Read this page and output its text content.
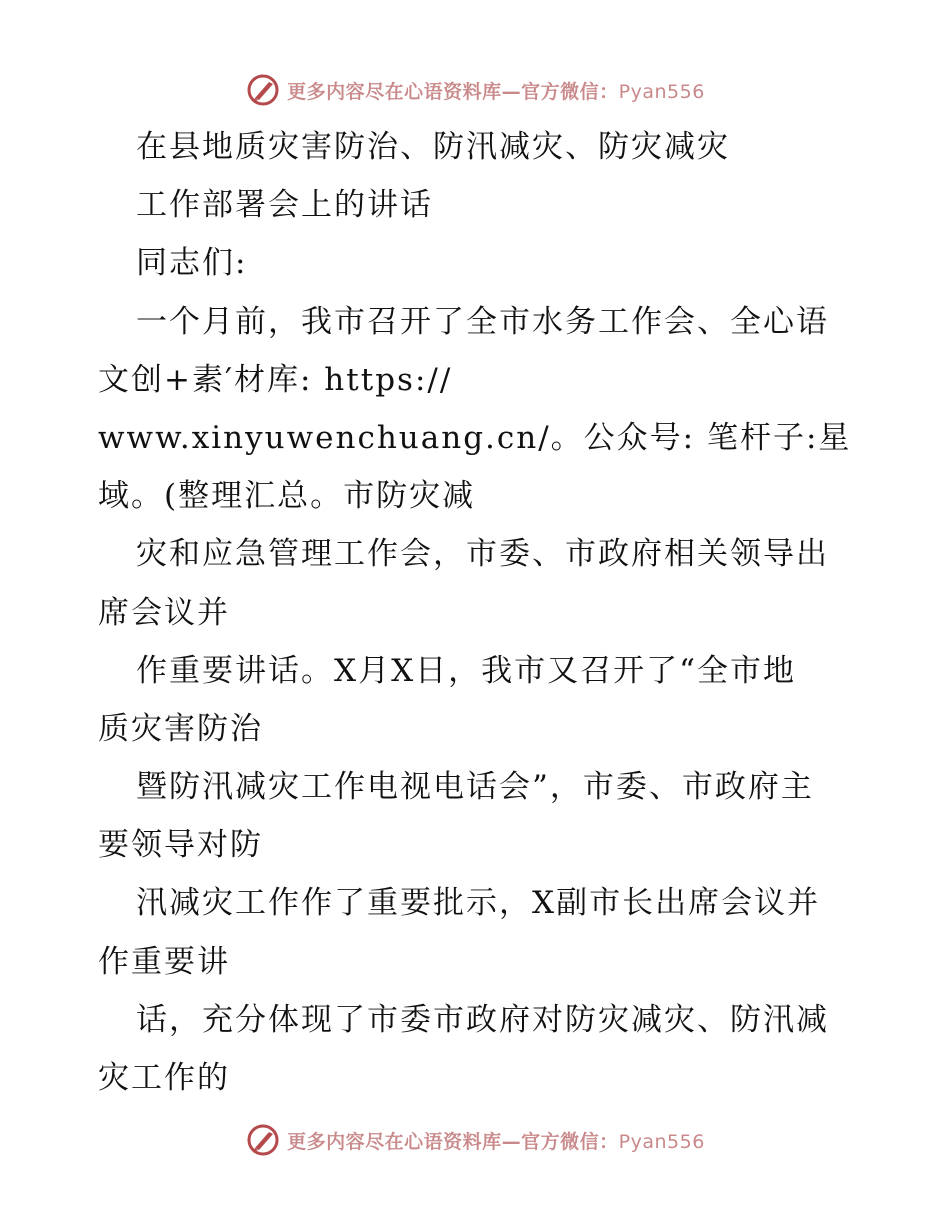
更多内容尽在心语资料库—官方微信：Pyan556
在县地质灾害防治、防汛减灾、防灾减灾
工作部署会上的讲话
同志们:
一个月前，我市召开了全市水务工作会、全心语
文创+素′材库: https://
www.xinyuwenchuang.cn/。公众号: 笔杆子:星
域。(整理汇总。市防灾减
灾和应急管理工作会，市委、市政府相关领导出
席会议并
作重要讲话。X月X日，我市又召开了“全市地
质灾害防治
暨防汛减灾工作电视电话会”，市委、市政府主
要领导对防
汛减灾工作作了重要批示，X副市长出席会议并
作重要讲
话，充分体现了市委市政府对防灾减灾、防汛减
灾工作的
更多内容尽在心语资料库—官方微信：Pyan556
